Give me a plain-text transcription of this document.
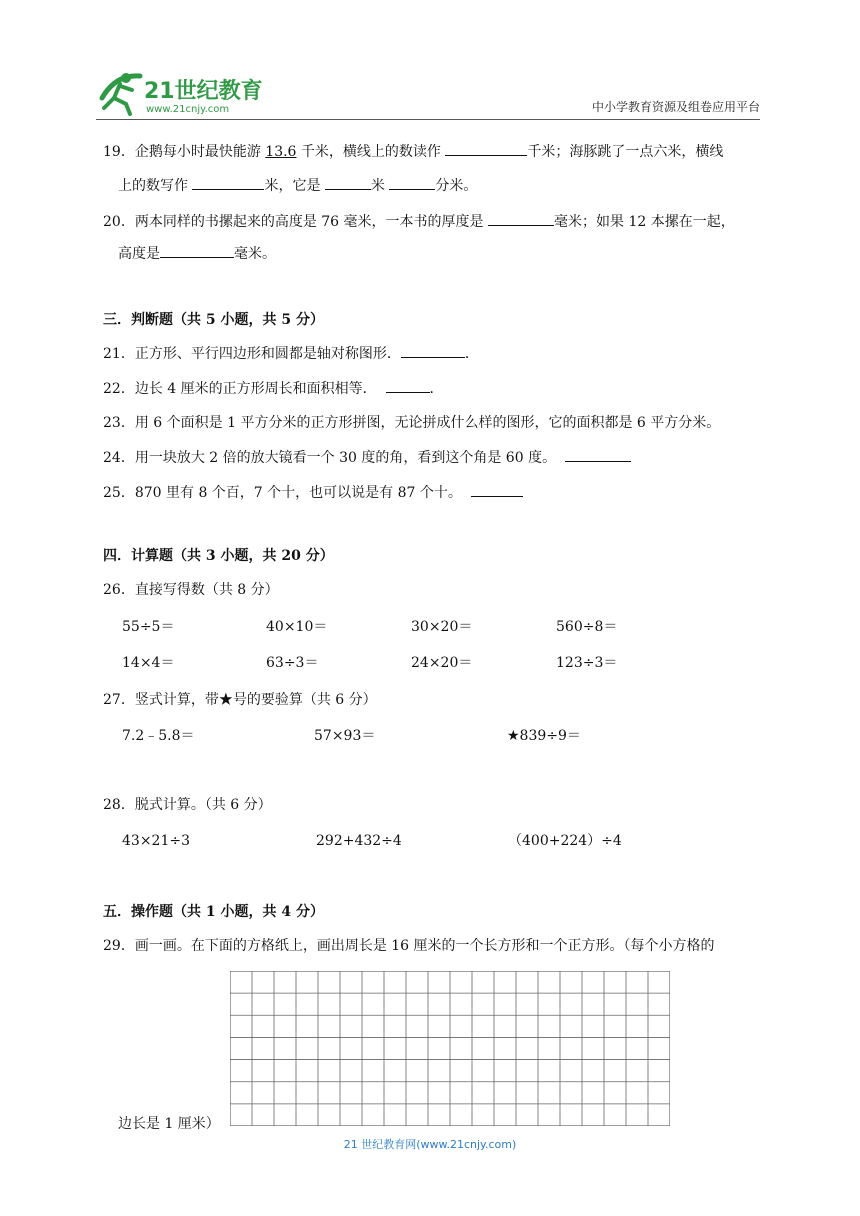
21世纪教育
www.21cnjy.com	中小学教育资源及组卷应用平台
19．企鹅每小时最快能游 13.6 千米，横线上的数读作	千米；海豚跳了一点六米，横线
上的数写作	米，它是	米	分米。
20．两本同样的书摞起来的高度是 76 毫米，一本书的厚度是	毫米；如果 12 本摞在一起，
高度是	毫米。
三．判断题（共 5 小题，共 5 分）
21．正方形、平行四边形和圆都是轴对称图形．	．
22．边长 4 厘米的正方形周长和面积相等．	．
23．用 6 个面积是 1 平方分米的正方形拼图，无论拼成什么样的图形，它的面积都是 6 平方分米。
24．用一块放大 2 倍的放大镜看一个 30 度的角，看到这个角是 60 度。
25．870 里有 8 个百，7 个十，也可以说是有 87 个十。
四．计算题（共 3 小题，共 20 分）
26．直接写得数（共 8 分）
55÷5＝	40×10＝	30×20＝	560÷8＝
14×4＝	63÷3＝	24×20＝	123÷3＝
27．竖式计算，带★号的要验算（共 6 分）
7.2﹣5.8＝	57×93＝	★839÷9＝
28．脱式计算。（共 6 分）
43×21÷3	292+432÷4	（400+224）÷4
五．操作题（共 1 小题，共 4 分）
29．画一画。在下面的方格纸上，画出周长是 16 厘米的一个长方形和一个正方形。（每个小方格的
边长是 1 厘米）
21 世纪教育网(www.21cnjy.com)
